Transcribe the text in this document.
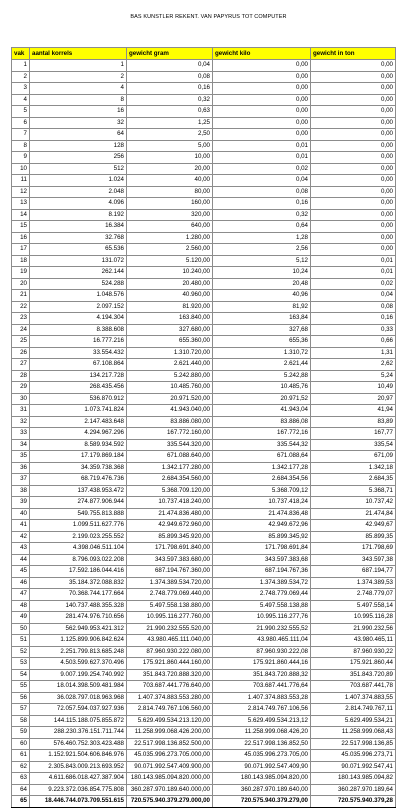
BAS KUNSTLER REKENT. VAN PAPYRUS TOT COMPUTER
vak	aantal korrels	gewicht gram	gewicht kilo	gewicht in ton
1	1	0,04	0,00	0,00
2	2	0,08	0,00	0,00
3	4	0,16	0,00	0,00
4	8	0,32	0,00	0,00
5	16	0,63	0,00	0,00
6	32	1,25	0,00	0,00
7	64	2,50	0,00	0,00
8	128	5,00	0,01	0,00
9	256	10,00	0,01	0,00
10	512	20,00	0,02	0,00
11	1.024	40,00	0,04	0,00
12	2.048	80,00	0,08	0,00
13	4.096	160,00	0,16	0,00
14	8.192	320,00	0,32	0,00
15	16.384	640,00	0,64	0,00
16	32.768	1.280,00	1,28	0,00
17	65.536	2.560,00	2,56	0,00
18	131.072	5.120,00	5,12	0,01
19	262.144	10.240,00	10,24	0,01
20	524.288	20.480,00	20,48	0,02
21	1.048.576	40.960,00	40,96	0,04
22	2.097.152	81.920,00	81,92	0,08
23	4.194.304	163.840,00	163,84	0,16
24	8.388.608	327.680,00	327,68	0,33
25	16.777.216	655.360,00	655,36	0,66
26	33.554.432	1.310.720,00	1.310,72	1,31
27	67.108.864	2.621.440,00	2.621,44	2,62
28	134.217.728	5.242.880,00	5.242,88	5,24
29	268.435.456	10.485.760,00	10.485,76	10,49
30	536.870.912	20.971.520,00	20.971,52	20,97
31	1.073.741.824	41.943.040,00	41.943,04	41,94
32	2.147.483.648	83.886.080,00	83.886,08	83,89
33	4.294.967.296	167.772.160,00	167.772,16	167,77
34	8.589.934.592	335.544.320,00	335.544,32	335,54
35	17.179.869.184	671.088.640,00	671.088,64	671,09
36	34.359.738.368	1.342.177.280,00	1.342.177,28	1.342,18
37	68.719.476.736	2.684.354.560,00	2.684.354,56	2.684,35
38	137.438.953.472	5.368.709.120,00	5.368.709,12	5.368,71
39	274.877.906.944	10.737.418.240,00	10.737.418,24	10.737,42
40	549.755.813.888	21.474.836.480,00	21.474.836,48	21.474,84
41	1.099.511.627.776	42.949.672.960,00	42.949.672,96	42.949,67
42	2.199.023.255.552	85.899.345.920,00	85.899.345,92	85.899,35
43	4.398.046.511.104	171.798.691.840,00	171.798.691,84	171.798,69
44	8.796.093.022.208	343.597.383.680,00	343.597.383,68	343.597,38
45	17.592.186.044.416	687.194.767.360,00	687.194.767,36	687.194,77
46	35.184.372.088.832	1.374.389.534.720,00	1.374.389.534,72	1.374.389,53
47	70.368.744.177.664	2.748.779.069.440,00	2.748.779.069,44	2.748.779,07
48	140.737.488.355.328	5.497.558.138.880,00	5.497.558.138,88	5.497.558,14
49	281.474.976.710.656	10.995.116.277.760,00	10.995.116.277,76	10.995.116,28
50	562.949.953.421.312	21.990.232.555.520,00	21.990.232.555,52	21.990.232,56
51	1.125.899.906.842.624	43.980.465.111.040,00	43.980.465.111,04	43.980.465,11
52	2.251.799.813.685.248	87.960.930.222.080,00	87.960.930.222,08	87.960.930,22
53	4.503.599.627.370.496	175.921.860.444.160,00	175.921.860.444,16	175.921.860,44
54	9.007.199.254.740.992	351.843.720.888.320,00	351.843.720.888,32	351.843.720,89
55	18.014.398.509.481.984	703.687.441.776.640,00	703.687.441.776,64	703.687.441,78
56	36.028.797.018.963.968	1.407.374.883.553.280,00	1.407.374.883.553,28	1.407.374.883,55
57	72.057.594.037.927.936	2.814.749.767.106.560,00	2.814.749.767.106,56	2.814.749.767,11
58	144.115.188.075.855.872	5.629.499.534.213.120,00	5.629.499.534.213,12	5.629.499.534,21
59	288.230.376.151.711.744	11.258.999.068.426.200,00	11.258.999.068.426,20	11.258.999.068,43
60	576.460.752.303.423.488	22.517.998.136.852.500,00	22.517.998.136.852,50	22.517.998.136,85
61	1.152.921.504.606.846.976	45.035.996.273.705.000,00	45.035.996.273.705,00	45.035.996.273,71
62	2.305.843.009.213.693.952	90.071.992.547.409.900,00	90.071.992.547.409,90	90.071.992.547,41
63	4.611.686.018.427.387.904	180.143.985.094.820.000,00	180.143.985.094.820,00	180.143.985.094,82
64	9.223.372.036.854.775.808	360.287.970.189.640.000,00	360.287.970.189.640,00	360.287.970.189,64
65	18.446.744.073.709.551.615	720.575.940.379.279.000,00	720.575.940.379.279,00	720.575.940.379,28
